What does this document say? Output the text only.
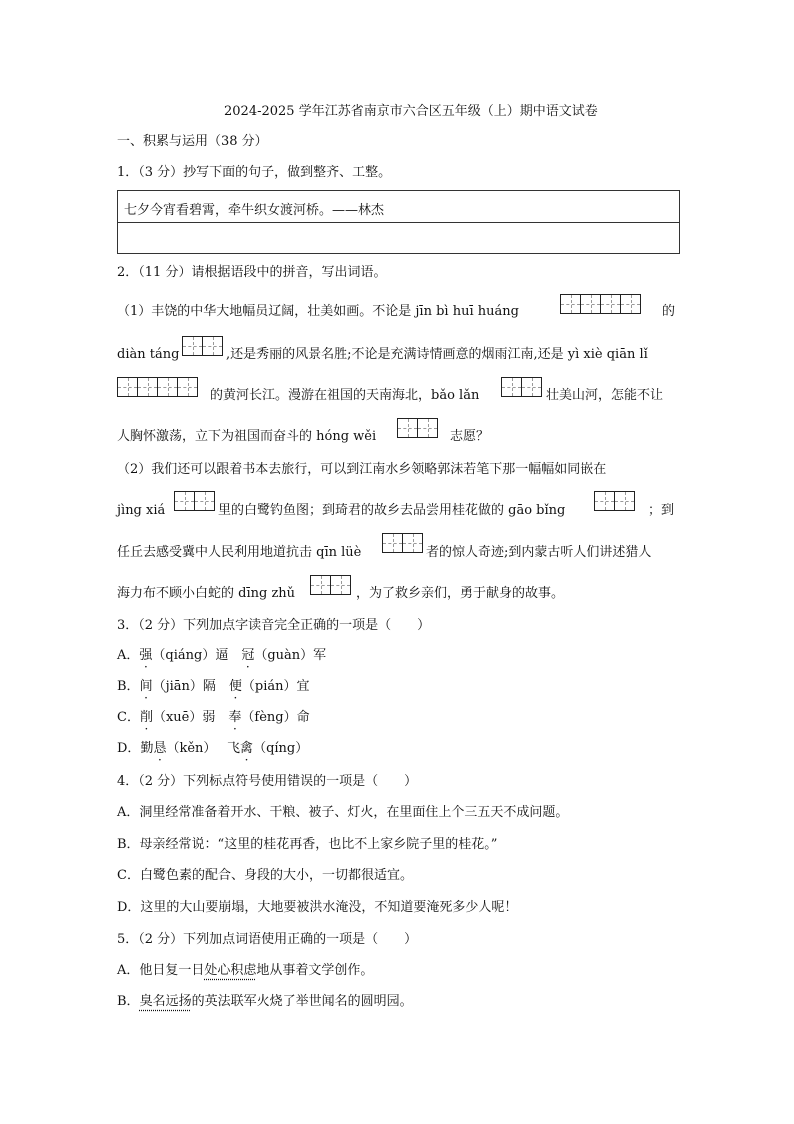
2024-2025 学年江苏省南京市六合区五年级（上）期中语文试卷
一、积累与运用（38 分）
1．（3 分）抄写下面的句子，做到整齐、工整。
七夕今宵看碧霄，牵牛织女渡河桥。——林杰
2．（11 分）请根据语段中的拼音，写出词语。
（1）丰饶的中华大地幅员辽阔，壮美如画。不论是 jīn bì huī huáng	的
diàn táng	,还是秀丽的风景名胜;不论是充满诗情画意的烟雨江南,还是 yì xiè qiān lǐ
的黄河长江。漫游在祖国的天南海北，bǎo lǎn	壮美山河，怎能不让
人胸怀激荡，立下为祖国而奋斗的 hóng wěi	志愿？
（2）我们还可以跟着书本去旅行，可以到江南水乡领略郭沫若笔下那一幅幅如同嵌在
jìng xiá	里的白鹭钓鱼图；到琦君的故乡去品尝用桂花做的 gāo bǐng	；到
任丘去感受冀中人民利用地道抗击 qīn lüè	者的惊人奇迹;到内蒙古听人们讲述猎人
海力布不顾小白蛇的 dīng zhǔ	，为了救乡亲们，勇于献身的故事。
3．（2 分）下列加点字读音完全正确的一项是（　　）
A．强（qiáng）逼　冠（guàn）军
B．间（jiān）隔　便（pián）宜
C．削（xuē）弱　奉（fèng）命
D．勤恳（kěn）　 飞禽（qíng）
4．（2 分）下列标点符号使用错误的一项是（　　）
A．洞里经常准备着开水、干粮、被子、灯火，在里面住上个三五天不成问题。
B．母亲经常说：“这里的桂花再香，也比不上家乡院子里的桂花。”
C．白鹭色素的配合、身段的大小，一切都很适宜。
D．这里的大山要崩塌，大地要被洪水淹没，不知道要淹死多少人呢！
5．（2 分）下列加点词语使用正确的一项是（　　）
A．他日复一日处心积虑地从事着文学创作。
B．臭名远扬的英法联军火烧了举世闻名的圆明园。
